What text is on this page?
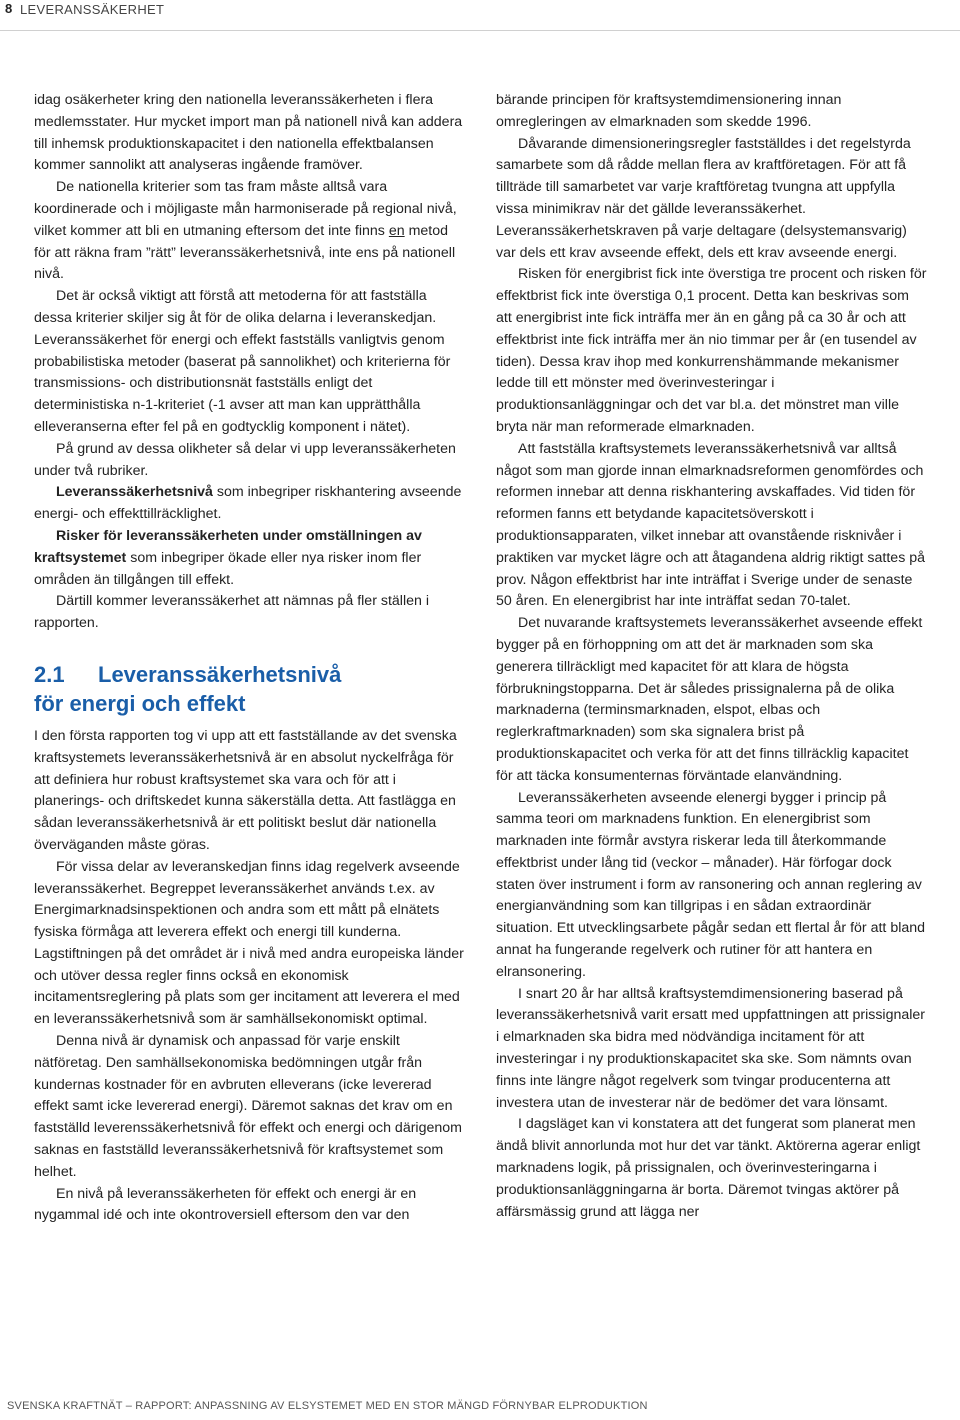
8 LEVERANSSÄKERHET

idag osäkerheter kring den nationella leveranssäkerheten i flera medlemsstater. Hur mycket import man på nationell nivå kan addera till inhemsk produktionskapacitet i den nationella effektbalansen kommer sannolikt att analyseras ingående framöver.

De nationella kriterier som tas fram måste alltså vara koordinerade och i möjligaste mån harmoniserade på regional nivå, vilket kommer att bli en utmaning eftersom det inte finns en metod för att räkna fram ”rätt” leveranssäkerhetsnivå, inte ens på nationell nivå.

Det är också viktigt att förstå att metoderna för att fastställa dessa kriterier skiljer sig åt för de olika delarna i leveranskedjan. Leveranssäkerhet för energi och effekt fastställs vanligtvis genom probabilistiska metoder (baserat på sannolikhet) och kriterierna för transmissions- och distributionsnät fastställs enligt det deterministiska n-1-kriteriet (-1 avser att man kan upprätthålla elleveranserna efter fel på en godtycklig komponent i nätet).

På grund av dessa olikheter så delar vi upp leveranssäkerheten under två rubriker.

Leveranssäkerhetsnivå som inbegriper riskhantering avseende energi- och effekttillräcklighet.

Risker för leveranssäkerheten under omställningen av kraftsystemet som inbegriper ökade eller nya risker inom fler områden än tillgången till effekt.

Därtill kommer leveranssäkerhet att nämnas på fler ställen i rapporten.

2.1 Leveranssäkerhetsnivå
för energi och effekt

I den första rapporten tog vi upp att ett fastställande av det svenska kraftsystemets leveranssäkerhetsnivå är en absolut nyckelfråga för att definiera hur robust kraftsystemet ska vara och för att i planerings- och driftskedet kunna säkerställa detta. Att fastlägga en sådan leveranssäkerhetsnivå är ett politiskt beslut där nationella överväganden måste göras.

För vissa delar av leveranskedjan finns idag regelverk avseende leveranssäkerhet. Begreppet leveranssäkerhet används t.ex. av Energimarknadsinspektionen och andra som ett mått på elnätets fysiska förmåga att leverera effekt och energi till kunderna. Lagstiftningen på det området är i nivå med andra europeiska länder och utöver dessa regler finns också en ekonomisk incitamentsreglering på plats som ger incitament att leverera el med en leveranssäkerhetsnivå som är samhällsekonomiskt optimal.

Denna nivå är dynamisk och anpassad för varje enskilt nätföretag. Den samhällsekonomiska bedömningen utgår från kundernas kostnader för en avbruten elleverans (icke levererad effekt samt icke levererad energi). Däremot saknas det krav om en fastställd leverenssäkerhetsnivå för effekt och energi och därigenom saknas en fastställd leveranssäkerhetsnivå för kraftsystemet som helhet.

En nivå på leveranssäkerheten för effekt och energi är en nygammal idé och inte okontroversiell eftersom den var den

bärande principen för kraftsystemdimensionering innan omregleringen av elmarknaden som skedde 1996.

Dåvarande dimensioneringsregler fastställdes i det regelstyrda samarbete som då rådde mellan flera av kraftföretagen. För att få tillträde till samarbetet var varje kraftföretag tvungna att uppfylla vissa minimikrav när det gällde leveranssäkerhet. Leveranssäkerhetskraven på varje deltagare (delsystemansvarig) var dels ett krav avseende effekt, dels ett krav avseende energi.

Risken för energibrist fick inte överstiga tre procent och risken för effektbrist fick inte överstiga 0,1 procent. Detta kan beskrivas som att energibrist inte fick inträffa mer än en gång på ca 30 år och att effektbrist inte fick inträffa mer än nio timmar per år (en tusendel av tiden). Dessa krav ihop med konkurrenshämmande mekanismer ledde till ett mönster med överinvesteringar i produktionsanläggningar och det var bl.a. det mönstret man ville bryta när man reformerade elmarknaden.

Att fastställa kraftsystemets leveranssäkerhetsnivå var alltså något som man gjorde innan elmarknadsreformen genomfördes och reformen innebar att denna riskhantering avskaffades. Vid tiden för reformen fanns ett betydande kapacitetsöverskott i produktionsapparaten, vilket innebar att ovanstående risknivåer i praktiken var mycket lägre och att åtagandena aldrig riktigt sattes på prov. Någon effektbrist har inte inträffat i Sverige under de senaste 50 åren. En elenergibrist har inte inträffat sedan 70-talet.

Det nuvarande kraftsystemets leveranssäkerhet avseende effekt bygger på en förhoppning om att det är marknaden som ska generera tillräckligt med kapacitet för att klara de högsta förbrukningstopparna. Det är således prissignalerna på de olika marknaderna (terminsmarknaden, elspot, elbas och reglerkraftmarknaden) som ska signalera brist på produktionskapacitet och verka för att det finns tillräcklig kapacitet för att täcka konsumenternas förväntade elanvändning.

Leveranssäkerheten avseende elenergi bygger i princip på samma teori om marknadens funktion. En elenergibrist som marknaden inte förmår avstyra riskerar leda till återkommande effektbrist under lång tid (veckor – månader). Här förfogar dock staten över instrument i form av ransonering och annan reglering av energianvändning som kan tillgripas i en sådan extraordinär situation. Ett utvecklingsarbete pågår sedan ett flertal år för att bland annat ha fungerande regelverk och rutiner för att hantera en elransonering.

I snart 20 år har alltså kraftsystemdimensionering baserad på leveranssäkerhetsnivå varit ersatt med uppfattningen att prissignaler i elmarknaden ska bidra med nödvändiga incitament för att investeringar i ny produktionskapacitet ska ske. Som nämnts ovan finns inte längre något regelverk som tvingar producenterna att investera utan de investerar när de bedömer det vara lönsamt.

I dagsläget kan vi konstatera att det fungerat som planerat men ändå blivit annorlunda mot hur det var tänkt. Aktörerna agerar enligt marknadens logik, på prissignalen, och överinvesteringarna i produktionsanläggningarna är borta. Däremot tvingas aktörer på affärsmässig grund att lägga ner

SVENSKA KRAFTNÄT – RAPPORT: ANPASSNING AV ELSYSTEMET MED EN STOR MÄNGD FÖRNYBAR ELPRODUKTION
